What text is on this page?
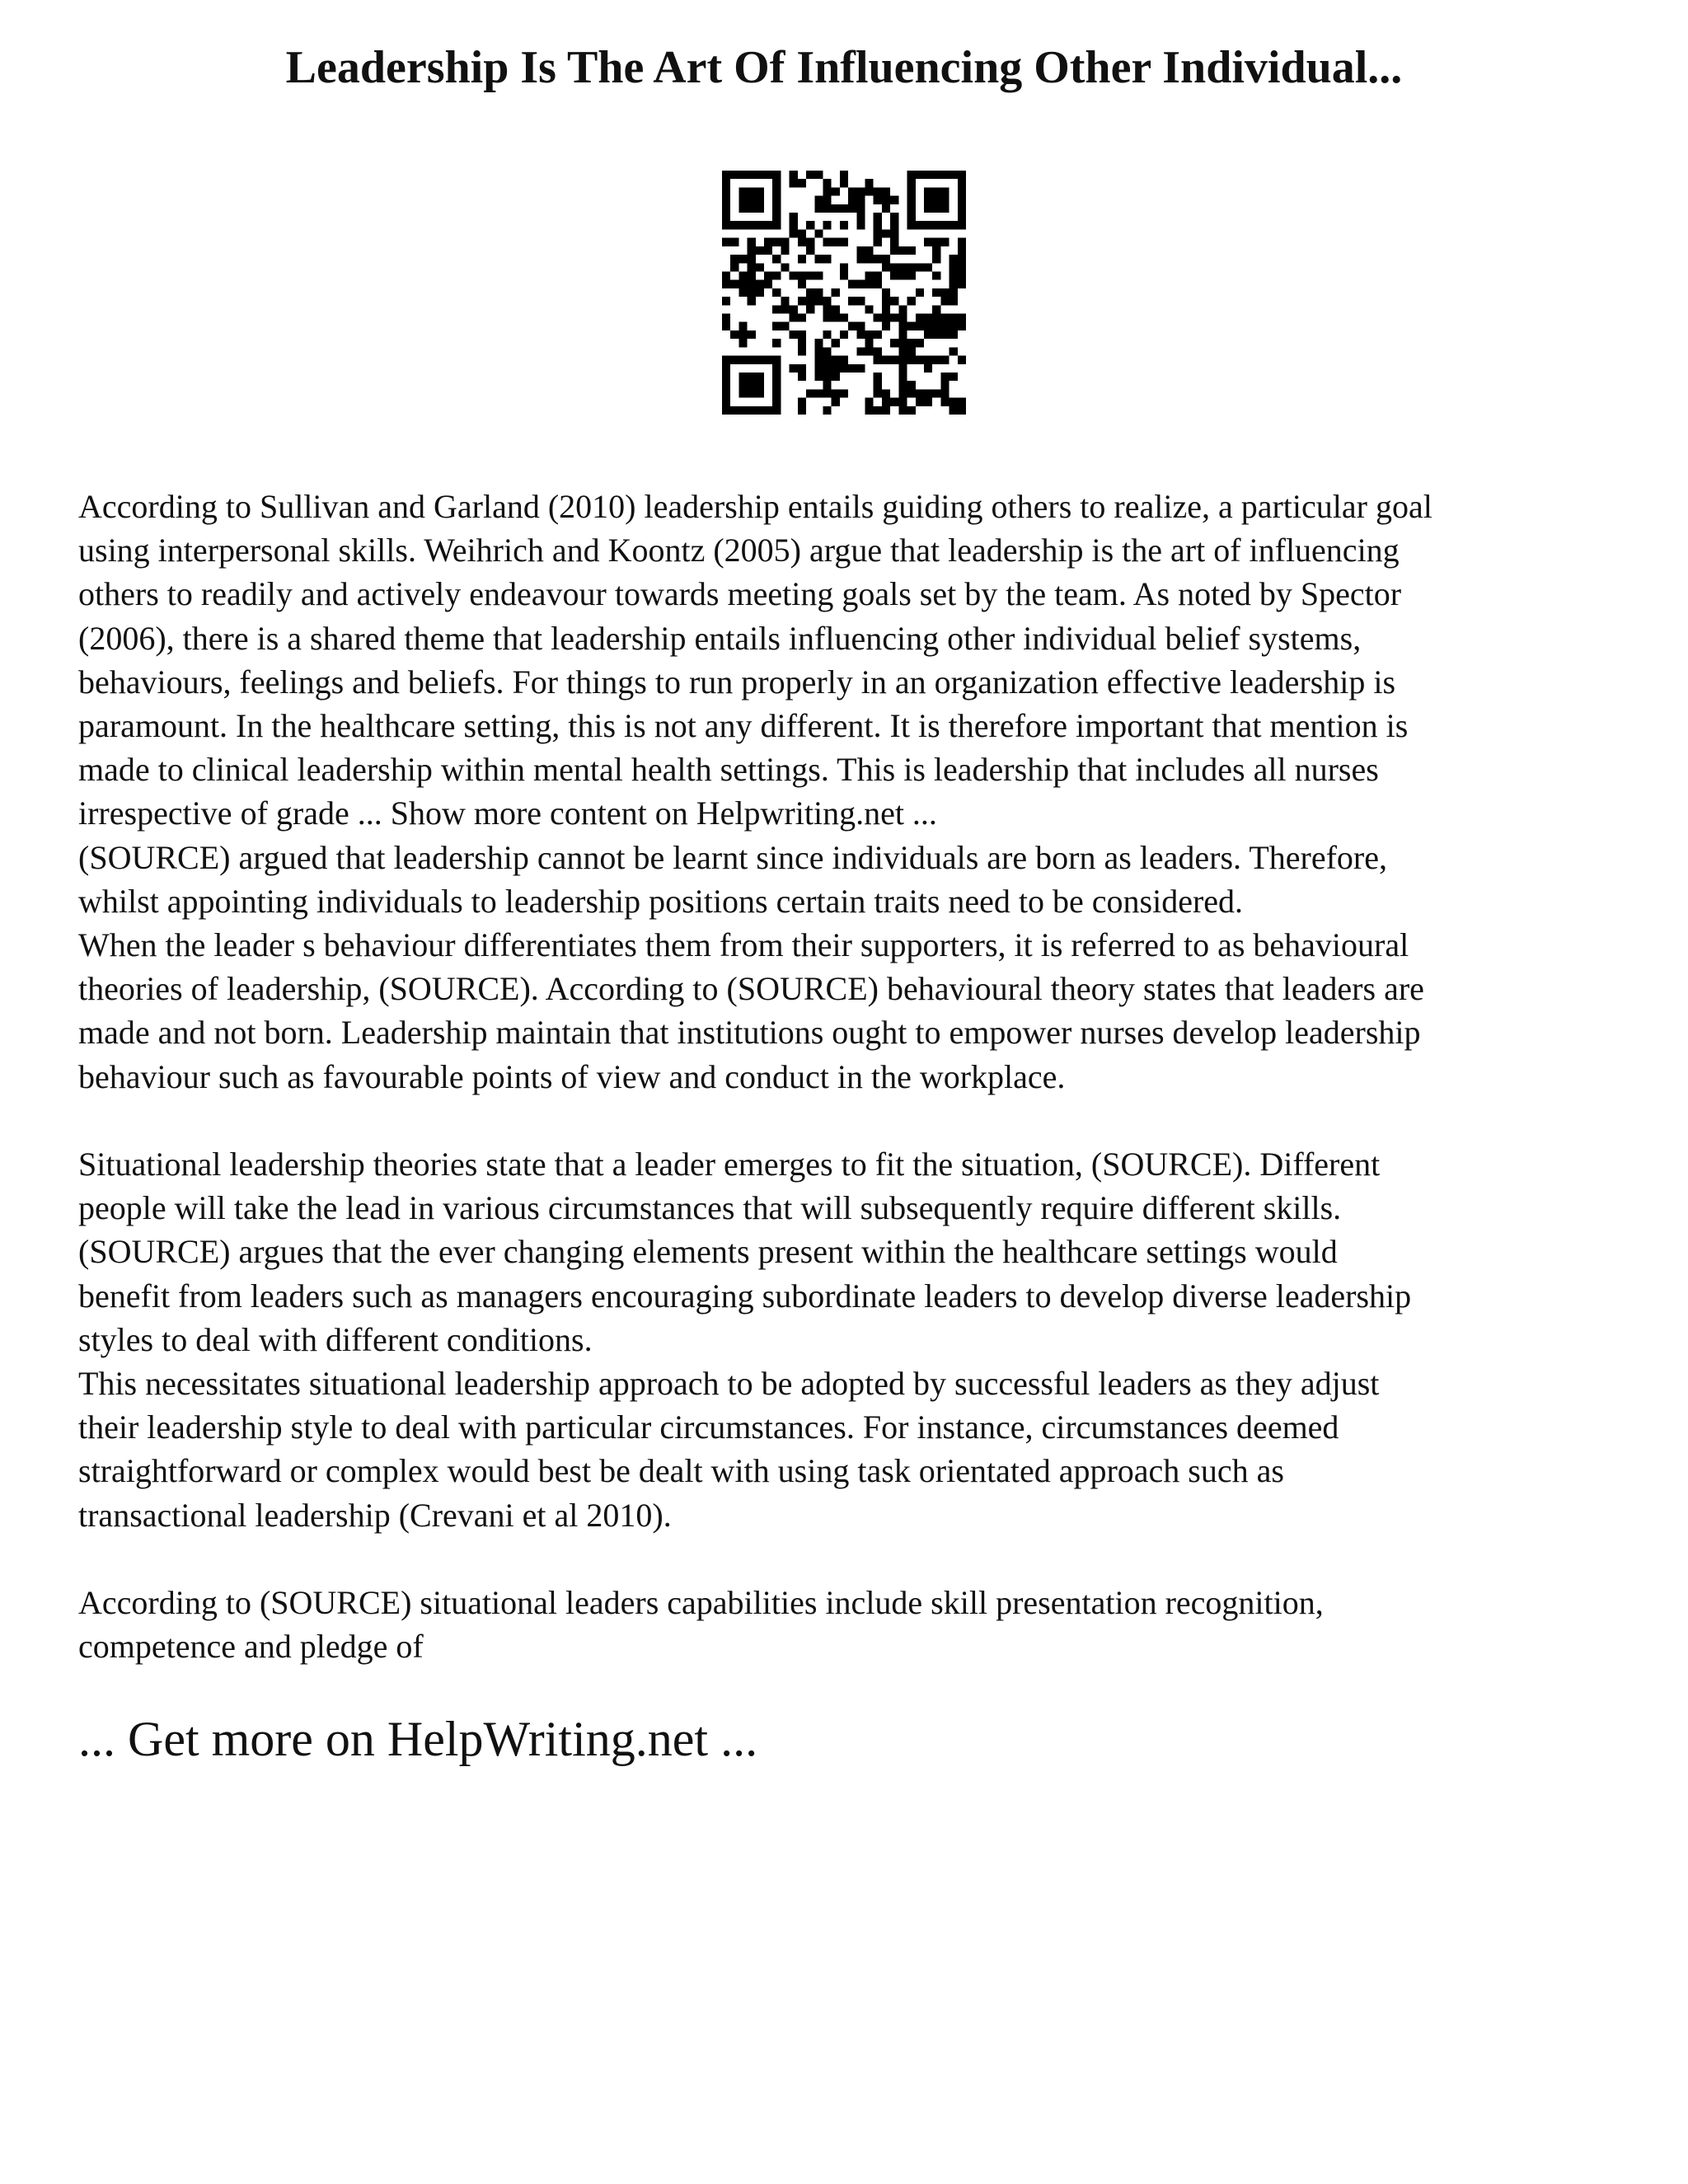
Leadership Is The Art Of Influencing Other Individual...

According to Sullivan and Garland (2010) leadership entails guiding others to realize, a particular goal
using interpersonal skills. Weihrich and Koontz (2005) argue that leadership is the art of influencing
others to readily and actively endeavour towards meeting goals set by the team. As noted by Spector
(2006), there is a shared theme that leadership entails influencing other individual belief systems,
behaviours, feelings and beliefs. For things to run properly in an organization effective leadership is
paramount. In the healthcare setting, this is not any different. It is therefore important that mention is
made to clinical leadership within mental health settings. This is leadership that includes all nurses
irrespective of grade ... Show more content on Helpwriting.net ...

(SOURCE) argued that leadership cannot be learnt since individuals are born as leaders. Therefore,
whilst appointing individuals to leadership positions certain traits need to be considered.

When the leader s behaviour differentiates them from their supporters, it is referred to as behavioural
theories of leadership, (SOURCE). According to (SOURCE) behavioural theory states that leaders are
made and not born. Leadership maintain that institutions ought to empower nurses develop leadership
behaviour such as favourable points of view and conduct in the workplace.

Situational leadership theories state that a leader emerges to fit the situation, (SOURCE). Different
people will take the lead in various circumstances that will subsequently require different skills.
(SOURCE) argues that the ever changing elements present within the healthcare settings would
benefit from leaders such as managers encouraging subordinate leaders to develop diverse leadership
styles to deal with different conditions.

This necessitates situational leadership approach to be adopted by successful leaders as they adjust
their leadership style to deal with particular circumstances. For instance, circumstances deemed
straightforward or complex would best be dealt with using task orientated approach such as
transactional leadership (Crevani et al 2010).

According to (SOURCE) situational leaders capabilities include skill presentation recognition,
competence and pledge of

... Get more on HelpWriting.net ...
